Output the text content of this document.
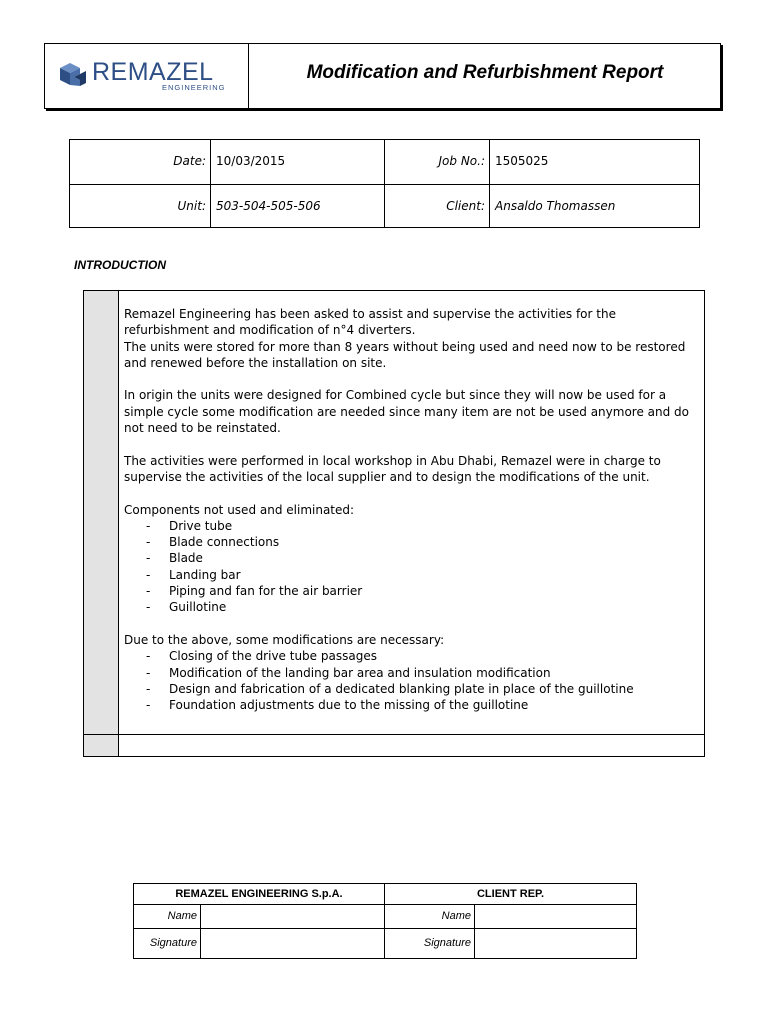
REMAZEL
ENGINEERING
Modification and Refurbishment Report
Date: 10/03/2015	Job No.: 1505025
Unit: 503-504-505-506	Client: Ansaldo Thomassen
INTRODUCTION

Remazel Engineering has been asked to assist and supervise the activities for the refurbishment and modification of n°4 diverters.

The units were stored for more than 8 years without being used and need now to be restored and renewed before the installation on site.

In origin the units were designed for Combined cycle but since they will now be used for a simple cycle some modification are needed since many item are not be used anymore and do not need to be reinstated.

The activities were performed in local workshop in Abu Dhabi, Remazel were in charge to supervise the activities of the local supplier and to design the modifications of the unit.

Components not used and eliminated:

- Drive tube
- Blade connections
- Blade
- Landing bar
- Piping and fan for the air barrier
- Guillotine

Due to the above, some modifications are necessary:

- Closing of the drive tube passages
- Modification of the landing bar area and insulation modification
- Design and fabrication of a dedicated blanking plate in place of the guillotine
- Foundation adjustments due to the missing of the guillotine
REMAZEL ENGINEERING S.p.A.	CLIENT REP.
Name	Name
Signature	Signature
